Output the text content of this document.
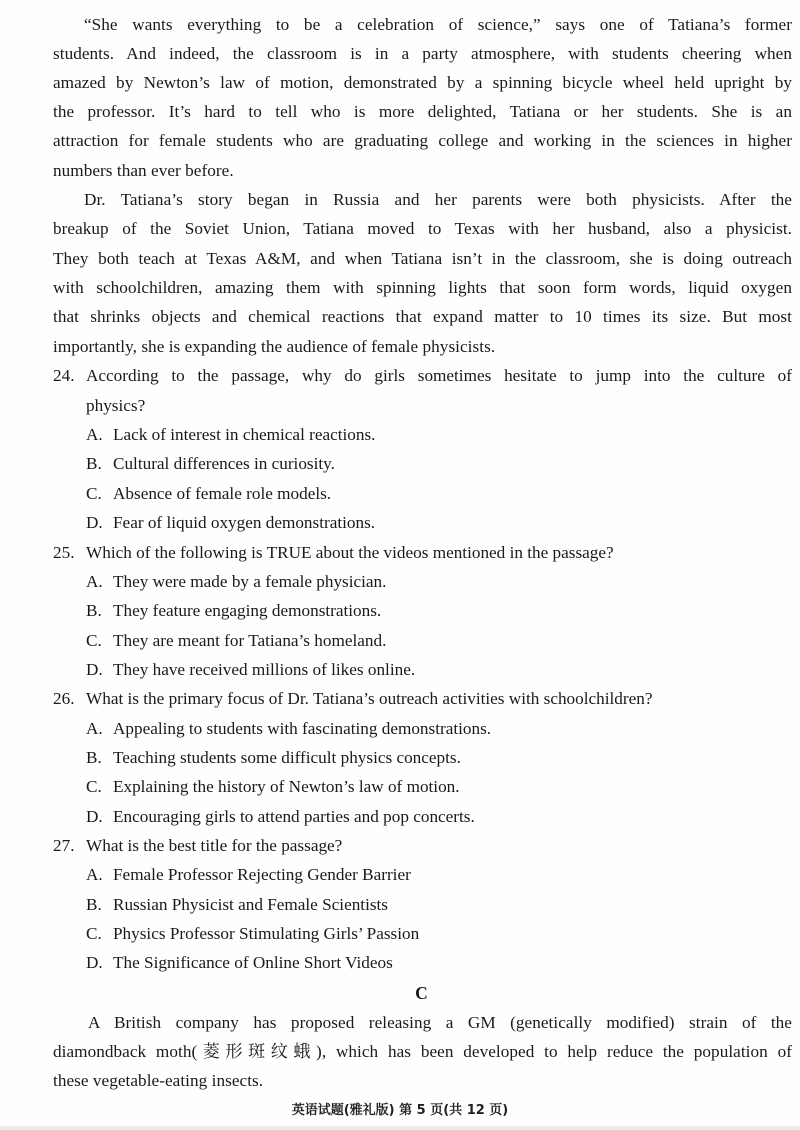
“She wants everything to be a celebration of science,” says one of Tatiana’s former
students. And indeed, the classroom is in a party atmosphere, with students cheering when
amazed by Newton’s law of motion, demonstrated by a spinning bicycle wheel held upright by
the professor. It’s hard to tell who is more delighted, Tatiana or her students. She is an
attraction for female students who are graduating college and working in the sciences in higher
numbers than ever before.
Dr. Tatiana’s story began in Russia and her parents were both physicists. After the
breakup of the Soviet Union, Tatiana moved to Texas with her husband, also a physicist.
They both teach at Texas A&M, and when Tatiana isn’t in the classroom, she is doing outreach
with schoolchildren, amazing them with spinning lights that soon form words, liquid oxygen
that shrinks objects and chemical reactions that expand matter to 10 times its size. But most
importantly, she is expanding the audience of female physicists.
24. According to the passage, why do girls sometimes hesitate to jump into the culture of
physics?
A. Lack of interest in chemical reactions.
B. Cultural differences in curiosity.
C. Absence of female role models.
D. Fear of liquid oxygen demonstrations.
25. Which of the following is TRUE about the videos mentioned in the passage?
A. They were made by a female physician.
B. They feature engaging demonstrations.
C. They are meant for Tatiana’s homeland.
D. They have received millions of likes online.
26. What is the primary focus of Dr. Tatiana’s outreach activities with schoolchildren?
A. Appealing to students with fascinating demonstrations.
B. Teaching students some difficult physics concepts.
C. Explaining the history of Newton’s law of motion.
D. Encouraging girls to attend parties and pop concerts.
27. What is the best title for the passage?
A. Female Professor Rejecting Gender Barrier
B. Russian Physicist and Female Scientists
C. Physics Professor Stimulating Girls’ Passion
D. The Significance of Online Short Videos
C
A British company has proposed releasing a GM (genetically modified) strain of the
diamondback moth(菱形斑纹蛾), which has been developed to help reduce the population of
these vegetable-eating insects.
英语试题(雅礼版) 第 5 页(共 12 页)
